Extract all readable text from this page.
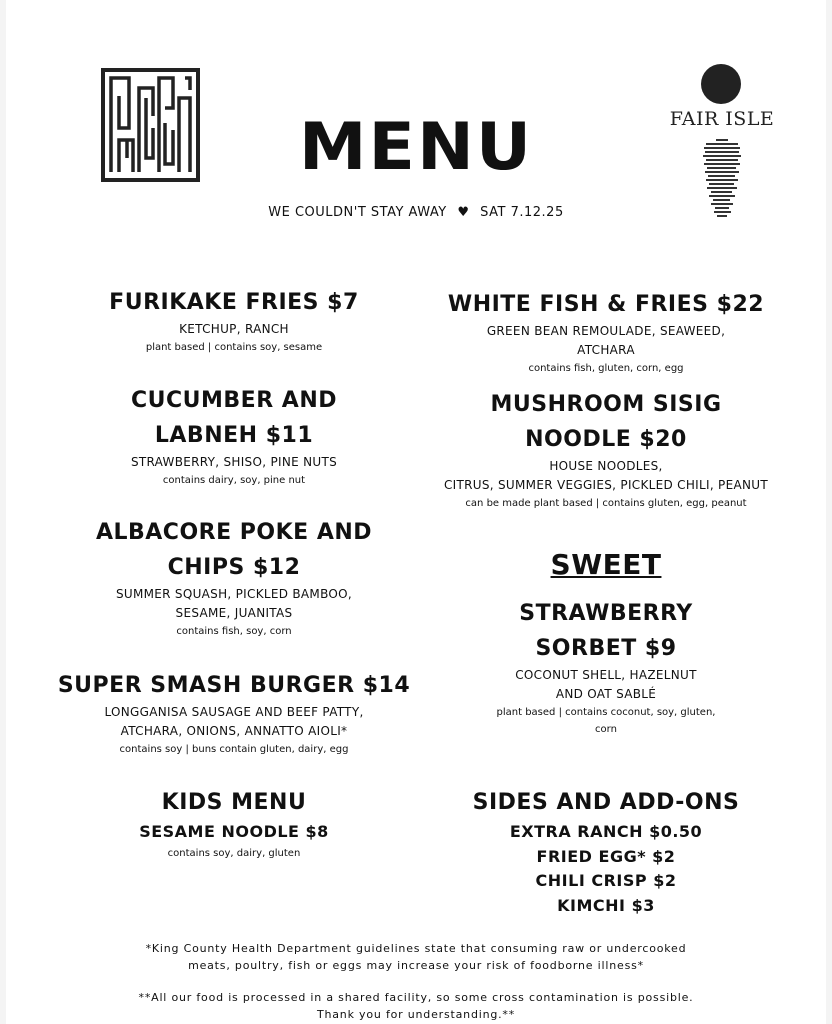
FAIR ISLE
MENU
WE COULDN'T STAY AWAY ♥ SAT 7.12.25
FURIKAKE FRIES $7
KETCHUP, RANCH
plant based | contains soy, sesame
CUCUMBER AND
LABNEH $11
STRAWBERRY, SHISO, PINE NUTS
contains dairy, soy, pine nut
ALBACORE POKE AND
CHIPS $12
SUMMER SQUASH, PICKLED BAMBOO,
SESAME, JUANITAS
contains fish, soy, corn
SUPER SMASH BURGER $14
LONGGANISA SAUSAGE AND BEEF PATTY,
ATCHARA, ONIONS, ANNATTO AIOLI*
contains soy | buns contain gluten, dairy, egg
KIDS MENU
SESAME NOODLE $8
contains soy, dairy, gluten
WHITE FISH & FRIES $22
GREEN BEAN REMOULADE, SEAWEED,
ATCHARA
contains fish, gluten, corn, egg
MUSHROOM SISIG
NOODLE $20
HOUSE NOODLES,
CITRUS, SUMMER VEGGIES, PICKLED CHILI, PEANUT
can be made plant based | contains gluten, egg, peanut
SWEET
STRAWBERRY
SORBET $9
COCONUT SHELL, HAZELNUT
AND OAT SABLÉ
plant based | contains coconut, soy, gluten,
corn
SIDES AND ADD-ONS
EXTRA RANCH $0.50
FRIED EGG* $2
CHILI CRISP $2
KIMCHI $3
*King County Health Department guidelines state that consuming raw or undercooked
meats, poultry, fish or eggs may increase your risk of foodborne illness*
**All our food is processed in a shared facility, so some cross contamination is possible.
Thank you for understanding.**
